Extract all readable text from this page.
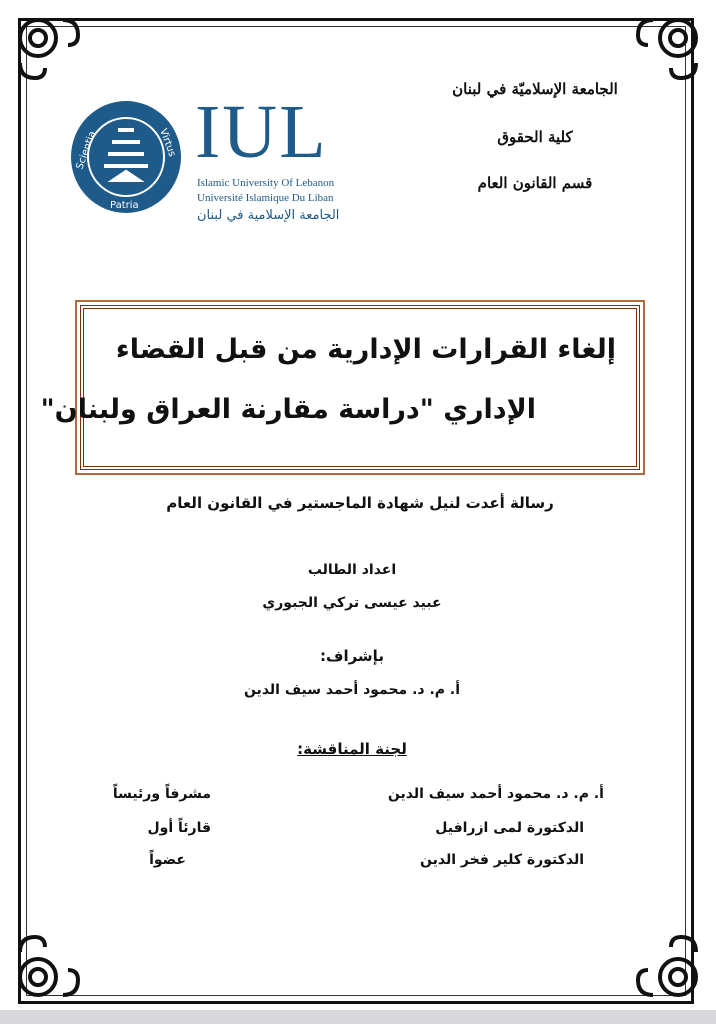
الجامعة الإسلاميّة في لبنان
كلية الحقوق
قسم القانون العام
Scientia	Virtus
Patria
IUL
Islamic University Of Lebanon
Université Islamique Du Liban
الجامعة الإسلامية في لبنان
إلغاء القرارات الإدارية من قبل القضاء
الإداري "دراسة مقارنة العراق ولبنان"
رسالة أعدت لنيل شهادة الماجستير في القانون العام
اعداد الطالب
عبيد عيسى تركي الجبوري
بإشراف:
أ. م. د. محمود أحمد سيف الدين
لجنة المناقشة:
أ. م. د. محمود أحمد سيف الدين
مشرفاً ورئيساً
الدكتورة لمى ازرافيل
قارئاً أول
الدكتورة كلير فخر الدين
عضواً
